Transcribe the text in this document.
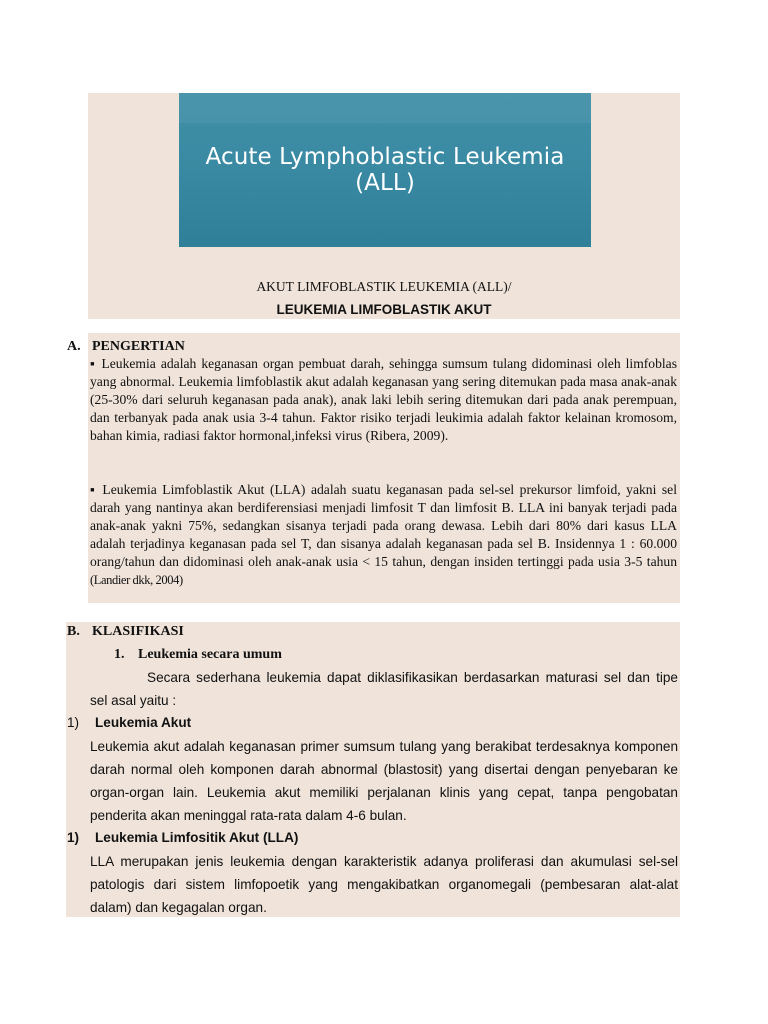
Acute Lymphoblastic Leukemia (ALL)
AKUT LIMFOBLASTIK LEUKEMIA (ALL)/
LEUKEMIA LIMFOBLASTIK AKUT
A. PENGERTIAN
▪ Leukemia adalah keganasan organ pembuat darah, sehingga sumsum tulang didominasi oleh limfoblas yang abnormal. Leukemia limfoblastik akut adalah keganasan yang sering ditemukan pada masa anak-anak (25-30% dari seluruh keganasan pada anak), anak laki lebih sering ditemukan dari pada anak perempuan, dan terbanyak pada anak usia 3-4 tahun. Faktor risiko terjadi leukimia adalah faktor kelainan kromosom, bahan kimia, radiasi faktor hormonal,infeksi virus (Ribera, 2009).
▪ Leukemia Limfoblastik Akut (LLA) adalah suatu keganasan pada sel-sel prekursor limfoid, yakni sel darah yang nantinya akan berdiferensiasi menjadi limfosit T dan limfosit B. LLA ini banyak terjadi pada anak-anak yakni 75%, sedangkan sisanya terjadi pada orang dewasa. Lebih dari 80% dari kasus LLA adalah terjadinya keganasan pada sel T, dan sisanya adalah keganasan pada sel B. Insidennya 1 : 60.000 orang/tahun dan didominasi oleh anak-anak usia < 15 tahun, dengan insiden tertinggi pada usia 3-5 tahun (Landier dkk, 2004)
B. KLASIFIKASI
1. Leukemia secara umum
Secara sederhana leukemia dapat diklasifikasikan berdasarkan maturasi sel dan tipe sel asal yaitu :
1) Leukemia Akut
Leukemia akut adalah keganasan primer sumsum tulang yang berakibat terdesaknya komponen darah normal oleh komponen darah abnormal (blastosit) yang disertai dengan penyebaran ke organ-organ lain. Leukemia akut memiliki perjalanan klinis yang cepat, tanpa pengobatan penderita akan meninggal rata-rata dalam 4-6 bulan.
1) Leukemia Limfositik Akut (LLA)
LLA merupakan jenis leukemia dengan karakteristik adanya proliferasi dan akumulasi sel-sel patologis dari sistem limfopoetik yang mengakibatkan organomegali (pembesaran alat-alat dalam) dan kegagalan organ.
